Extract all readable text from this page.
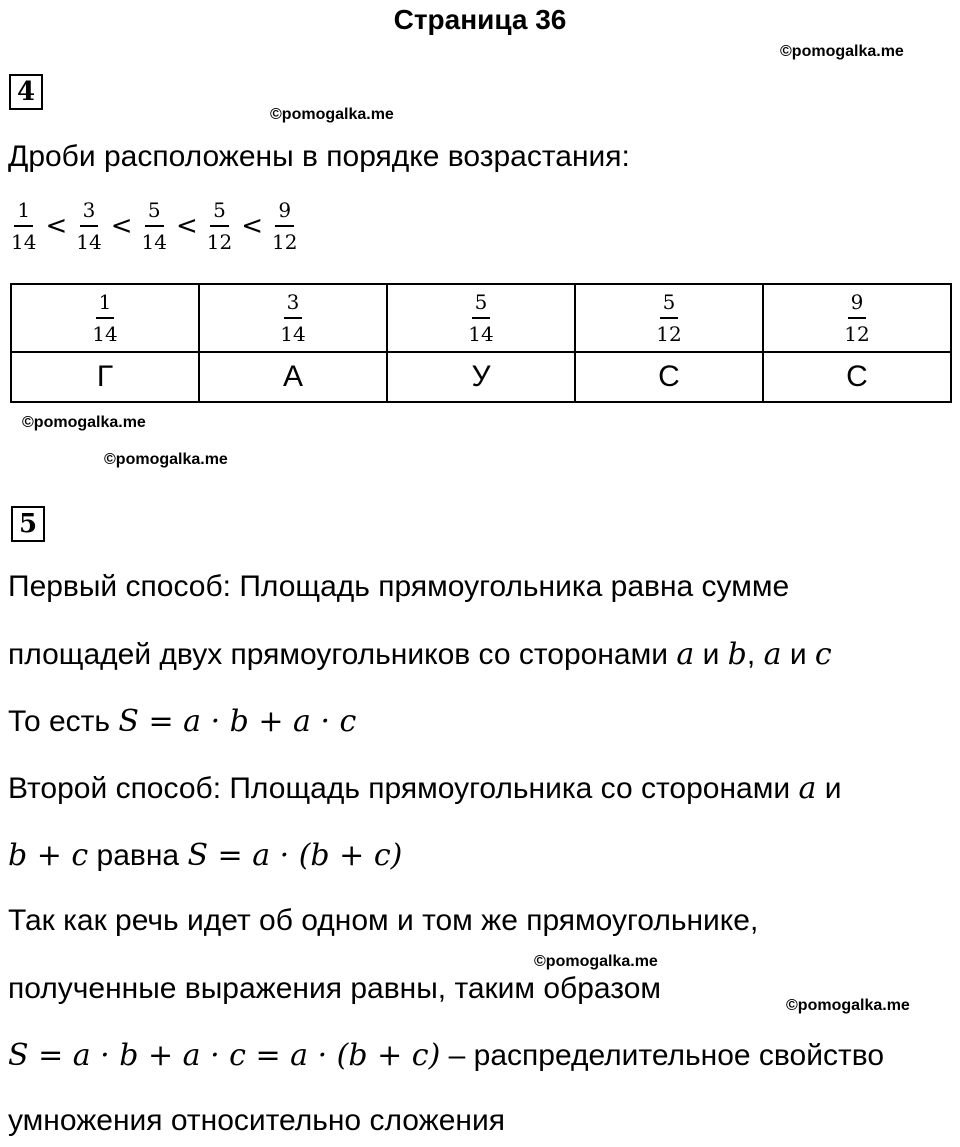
Страница 36
©pomogalka.me
©pomogalka.me
©pomogalka.me
©pomogalka.me
©pomogalka.me
©pomogalka.me
4
Дроби расположены в порядке возрастания:
$\frac{1}{14} < \frac{3}{14} < \frac{5}{14} < \frac{5}{12} < \frac{9}{12}$
$\frac{1}{14}$	$\frac{3}{14}$	$\frac{5}{14}$	$\frac{5}{12}$	$\frac{9}{12}$

Г	А	У	С	С
5
Первый способ: Площадь прямоугольника равна сумме
площадей двух прямоугольников со сторонами a и b, a и c
То есть S = a · b + a · c
Второй способ: Площадь прямоугольника со сторонами a и
b + c равна S = a · (b + c)
Так как речь идет об одном и том же прямоугольнике,
полученные выражения равны, таким образом
S = a · b + a · c = a · (b + c) – распределительное свойство
умножения относительно сложения
